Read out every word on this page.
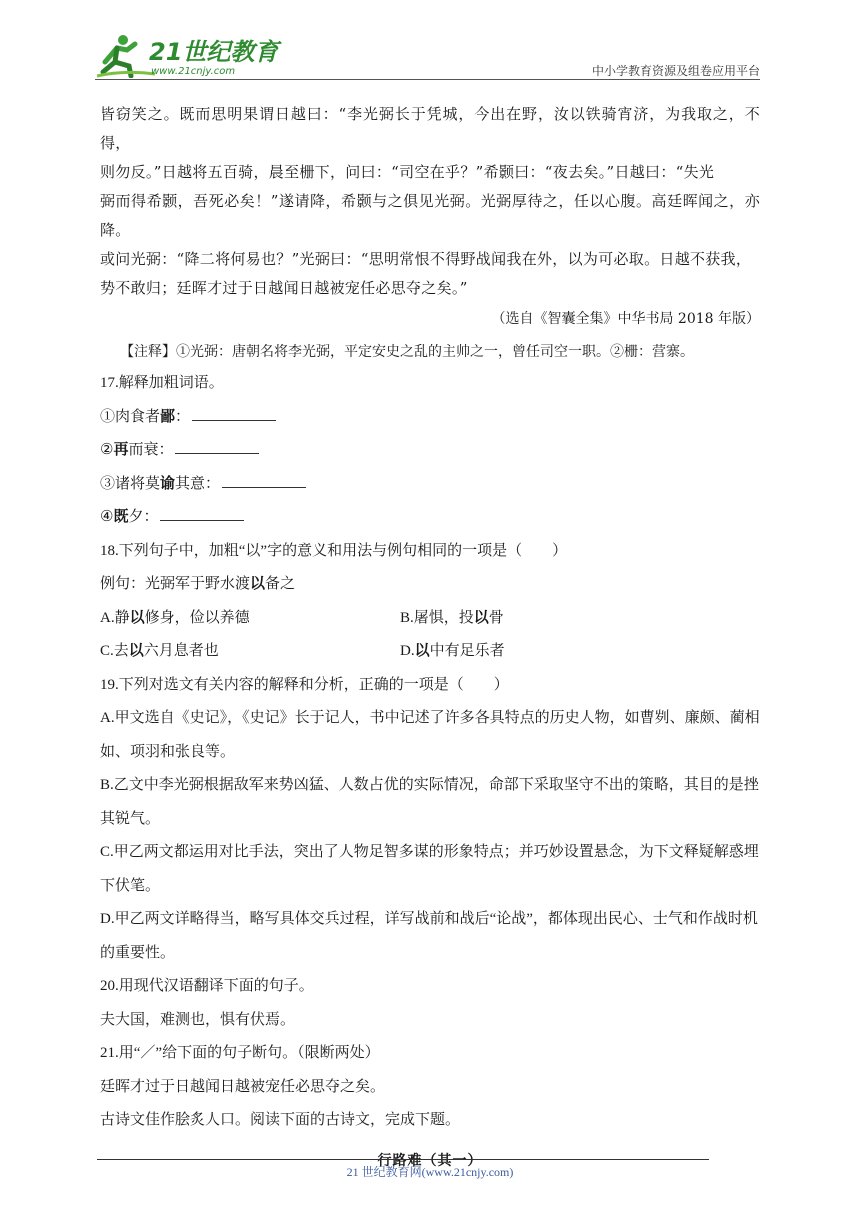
21世纪教育
www.21cnjy.com	中小学教育资源及组卷应用平台

皆窃笑之。既而思明果谓日越曰：“李光弼长于凭城，今出在野，汝以铁骑宵济，为我取之，不得，

则勿反。”日越将五百骑，晨至栅下，问曰：“司空在乎？”希颢曰：“夜去矣。”日越曰：“失光

弼而得希颢，吾死必矣！”遂请降，希颢与之俱见光弼。光弼厚待之，任以心腹。高廷晖闻之，亦降。

或问光弼：“降二将何易也？”光弼曰：“思明常恨不得野战闻我在外，以为可必取。日越不获我，

势不敢归；廷晖才过于日越闻日越被宠任必思夺之矣。”

（选自《智囊全集》中华书局 2018 年版）

【注释】①光弼：唐朝名将李光弼，平定安史之乱的主帅之一，曾任司空一职。②栅：营寨。

17.解释加粗词语。

①肉食者鄙：

②再而衰：

③诸将莫谕其意：

④既夕：

18.下列句子中，加粗“以”字的意义和用法与例句相同的一项是（　　）

例句：光弼军于野水渡以备之

A.静以修身，俭以养德	B.屠惧，投以骨

C.去以六月息者也	D.以中有足乐者

19.下列对选文有关内容的解释和分析，正确的一项是（　　）

A.甲文选自《史记》，《史记》长于记人，书中记述了许多各具特点的历史人物，如曹刿、廉颇、蔺相如、项羽和张良等。

B.乙文中李光弼根据敌军来势凶猛、人数占优的实际情况，命部下采取坚守不出的策略，其目的是挫其锐气。

C.甲乙两文都运用对比手法，突出了人物足智多谋的形象特点；并巧妙设置悬念，为下文释疑解惑埋下伏笔。

D.甲乙两文详略得当，略写具体交兵过程，详写战前和战后“论战”，都体现出民心、士气和作战时机的重要性。

20.用现代汉语翻译下面的句子。

夫大国，难测也，惧有伏焉。

21.用“／”给下面的句子断句。（限断两处）

廷晖才过于日越闻日越被宠任必思夺之矣。

古诗文佳作脍炙人口。阅读下面的古诗文，完成下题。

行路难（其一）
21 世纪教育网(www.21cnjy.com)
